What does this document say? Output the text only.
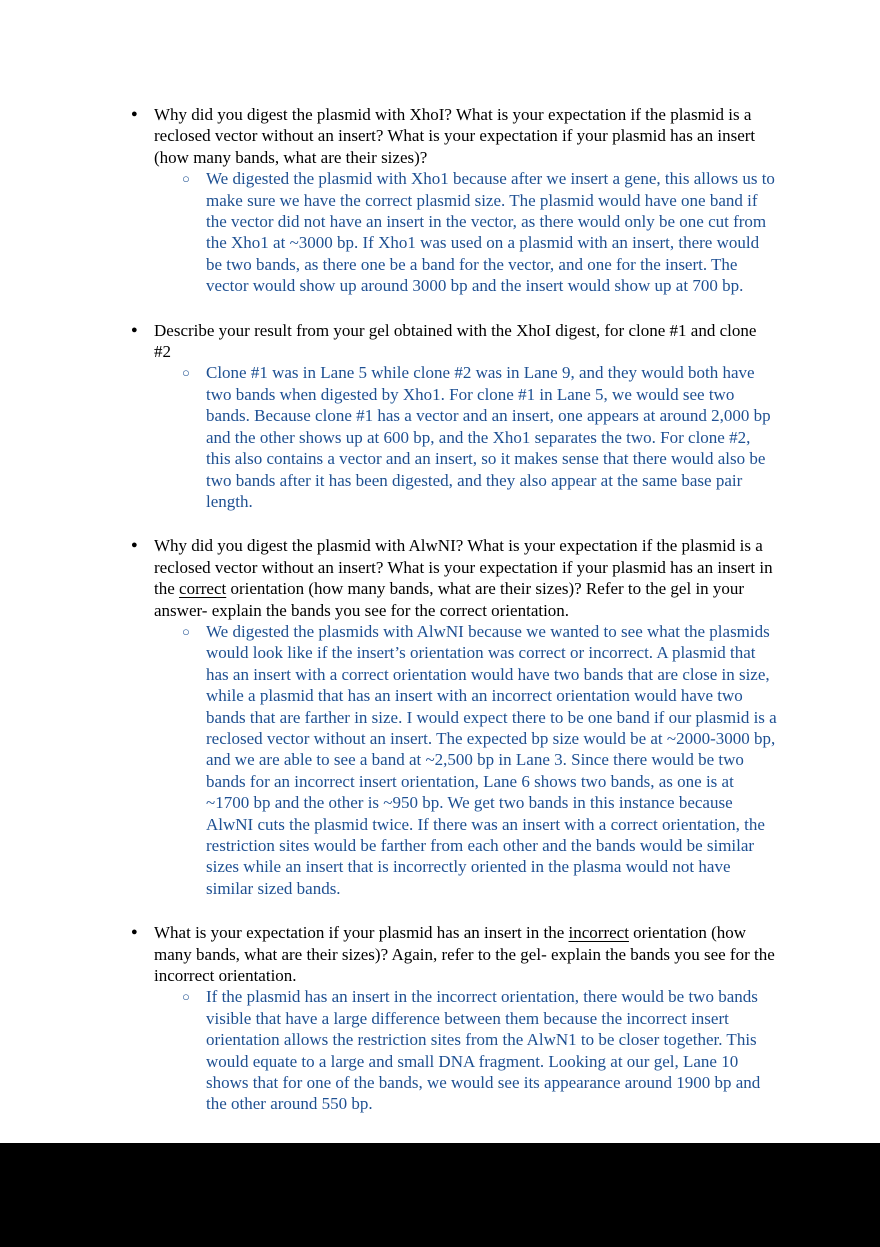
● Why did you digest the plasmid with XhoI? What is your expectation if the plasmid is a reclosed vector without an insert? What is your expectation if your plasmid has an insert (how many bands, what are their sizes)?
○ We digested the plasmid with Xho1 because after we insert a gene, this allows us to make sure we have the correct plasmid size. The plasmid would have one band if the vector did not have an insert in the vector, as there would only be one cut from the Xho1 at ~3000 bp. If Xho1 was used on a plasmid with an insert, there would be two bands, as there one be a band for the vector, and one for the insert. The vector would show up around 3000 bp and the insert would show up at 700 bp.
● Describe your result from your gel obtained with the XhoI digest, for clone #1 and clone #2
○ Clone #1 was in Lane 5 while clone #2 was in Lane 9, and they would both have two bands when digested by Xho1. For clone #1 in Lane 5, we would see two bands. Because clone #1 has a vector and an insert, one appears at around 2,000 bp and the other shows up at 600 bp, and the Xho1 separates the two. For clone #2, this also contains a vector and an insert, so it makes sense that there would also be two bands after it has been digested, and they also appear at the same base pair length.
● Why did you digest the plasmid with AlwNI? What is your expectation if the plasmid is a reclosed vector without an insert? What is your expectation if your plasmid has an insert in the correct orientation (how many bands, what are their sizes)? Refer to the gel in your answer- explain the bands you see for the correct orientation.
○ We digested the plasmids with AlwNI because we wanted to see what the plasmids would look like if the insert’s orientation was correct or incorrect. A plasmid that has an insert with a correct orientation would have two bands that are close in size, while a plasmid that has an insert with an incorrect orientation would have two bands that are farther in size. I would expect there to be one band if our plasmid is a reclosed vector without an insert. The expected bp size would be at ~2000-3000 bp, and we are able to see a band at ~2,500 bp in Lane 3. Since there would be two bands for an incorrect insert orientation, Lane 6 shows two bands, as one is at ~1700 bp and the other is ~950 bp. We get two bands in this instance because AlwNI cuts the plasmid twice. If there was an insert with a correct orientation, the restriction sites would be farther from each other and the bands would be similar sizes while an insert that is incorrectly oriented in the plasma would not have similar sized bands.
● What is your expectation if your plasmid has an insert in the incorrect orientation (how many bands, what are their sizes)? Again, refer to the gel- explain the bands you see for the incorrect orientation.
○ If the plasmid has an insert in the incorrect orientation, there would be two bands visible that have a large difference between them because the incorrect insert orientation allows the restriction sites from the AlwN1 to be closer together. This would equate to a large and small DNA fragment. Looking at our gel, Lane 10 shows that for one of the bands, we would see its appearance around 1900 bp and the other around 550 bp.
